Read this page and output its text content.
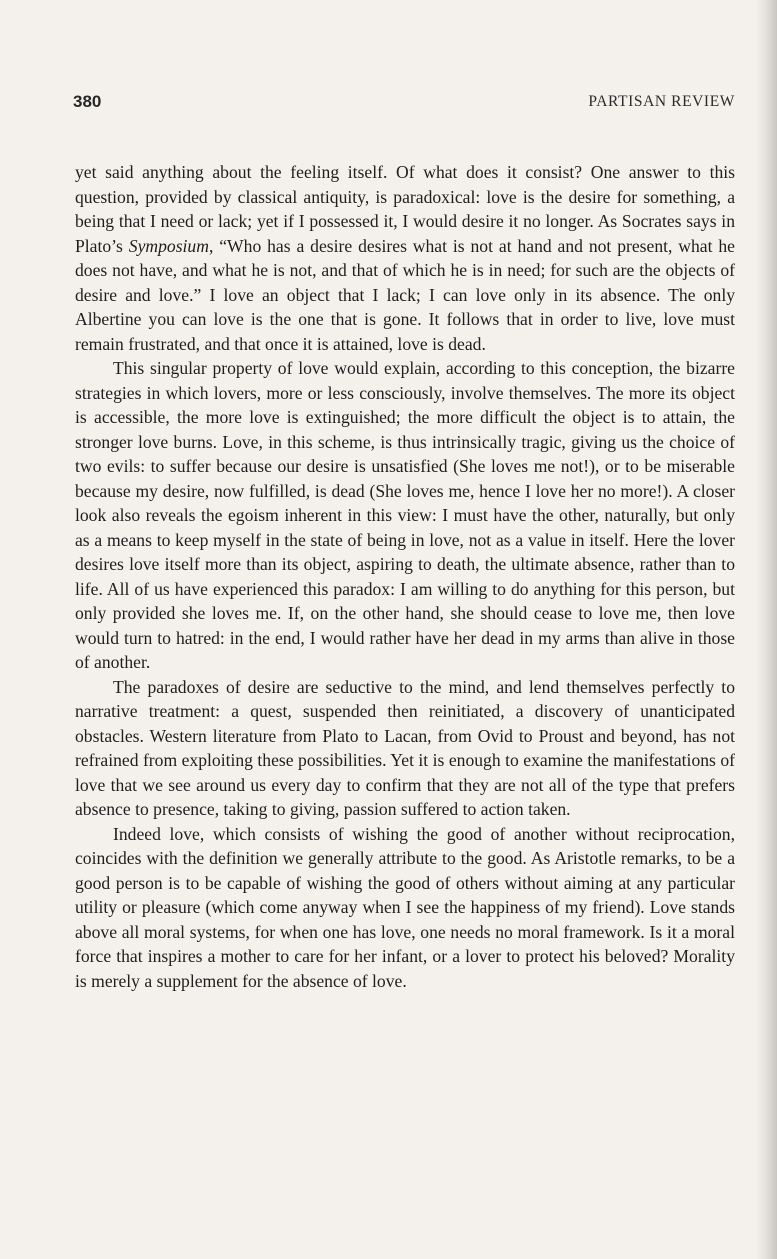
380	PARTISAN REVIEW

yet said anything about the feeling itself. Of what does it consist? One answer to this question, provided by classical antiquity, is paradoxical: love is the desire for something, a being that I need or lack; yet if I possessed it, I would desire it no longer. As Socrates says in Plato’s Symposium, “Who has a desire desires what is not at hand and not present, what he does not have, and what he is not, and that of which he is in need; for such are the objects of desire and love.” I love an object that I lack; I can love only in its absence. The only Albertine you can love is the one that is gone. It follows that in order to live, love must remain frustrated, and that once it is attained, love is dead.

This singular property of love would explain, according to this conception, the bizarre strategies in which lovers, more or less consciously, involve themselves. The more its object is accessible, the more love is extinguished; the more difficult the object is to attain, the stronger love burns. Love, in this scheme, is thus intrinsically tragic, giving us the choice of two evils: to suffer because our desire is unsatisfied (She loves me not!), or to be miserable because my desire, now fulfilled, is dead (She loves me, hence I love her no more!). A closer look also reveals the egoism inherent in this view: I must have the other, naturally, but only as a means to keep myself in the state of being in love, not as a value in itself. Here the lover desires love itself more than its object, aspiring to death, the ultimate absence, rather than to life. All of us have experienced this paradox: I am willing to do anything for this person, but only provided she loves me. If, on the other hand, she should cease to love me, then love would turn to hatred: in the end, I would rather have her dead in my arms than alive in those of another.

The paradoxes of desire are seductive to the mind, and lend themselves perfectly to narrative treatment: a quest, suspended then reinitiated, a discovery of unanticipated obstacles. Western literature from Plato to Lacan, from Ovid to Proust and beyond, has not refrained from exploiting these possibilities. Yet it is enough to examine the manifestations of love that we see around us every day to confirm that they are not all of the type that prefers absence to presence, taking to giving, passion suffered to action taken.

Indeed love, which consists of wishing the good of another without reciprocation, coincides with the definition we generally attribute to the good. As Aristotle remarks, to be a good person is to be capable of wishing the good of others without aiming at any particular utility or pleasure (which come anyway when I see the happiness of my friend). Love stands above all moral systems, for when one has love, one needs no moral framework. Is it a moral force that inspires a mother to care for her infant, or a lover to protect his beloved? Morality is merely a supplement for the absence of love.
